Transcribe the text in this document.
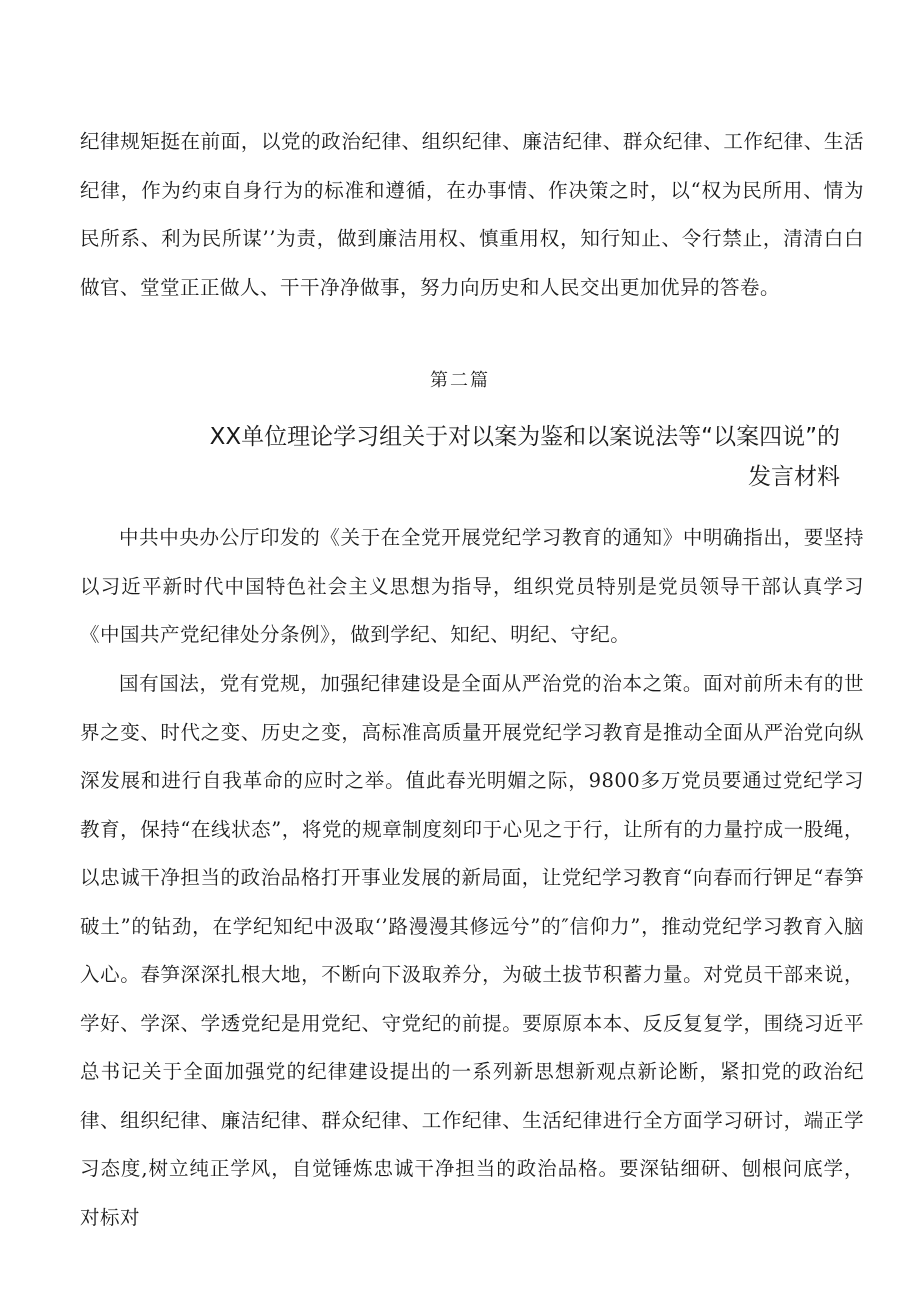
纪律规矩挺在前面，以党的政治纪律、组织纪律、廉洁纪律、群众纪律、工作纪律、生活纪律，作为约束自身行为的标准和遵循，在办事情、作决策之时，以“权为民所用、情为民所系、利为民所谋’’为责，做到廉洁用权、慎重用权，知行知止、令行禁止，清清白白做官、堂堂正正做人、干干净净做事，努力向历史和人民交出更加优异的答卷。

第二篇
XX单位理论学习组关于对以案为鉴和以案说法等“以案四说”的
发言材料

中共中央办公厅印发的《关于在全党开展党纪学习教育的通知》中明确指出，要坚持以习近平新时代中国特色社会主义思想为指导，组织党员特别是党员领导干部认真学习《中国共产党纪律处分条例》，做到学纪、知纪、明纪、守纪。

国有国法，党有党规，加强纪律建设是全面从严治党的治本之策。面对前所未有的世界之变、时代之变、历史之变，高标准高质量开展党纪学习教育是推动全面从严治党向纵深发展和进行自我革命的应时之举。值此春光明媚之际，9800多万党员要通过党纪学习教育，保持“在线状态”，将党的规章制度刻印于心见之于行，让所有的力量拧成一股绳，以忠诚干净担当的政治品格打开事业发展的新局面，让党纪学习教育“向春而行钾足“春笋破土”的钻劲，在学纪知纪中汲取‘’路漫漫其修远兮”的″信仰力”，推动党纪学习教育入脑入心。春笋深深扎根大地，不断向下汲取养分，为破土拔节积蓄力量。对党员干部来说，学好、学深、学透党纪是用党纪、守党纪的前提。要原原本本、反反复复学，围绕习近平总书记关于全面加强党的纪律建设提出的一系列新思想新观点新论断，紧扣党的政治纪律、组织纪律、廉洁纪律、群众纪律、工作纪律、生活纪律进行全方面学习研讨，端正学习态度,树立纯正学风，自觉锤炼忠诚干净担当的政治品格。要深钻细研、刨根问底学，对标对
